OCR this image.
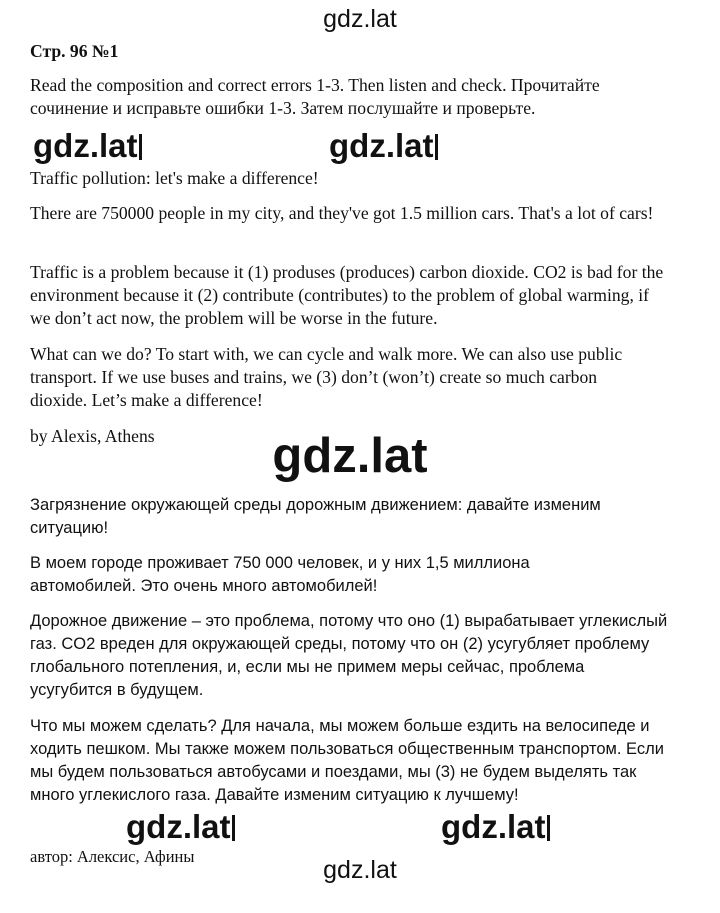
gdz.lat
Стр. 96 №1

Read the composition and correct errors 1-3. Then listen and check. Прочитайте сочинение и исправьте ошибки 1-3. Затем послушайте и проверьте.

gdz.lat	gdz.lat

Traffic pollution: let's make a difference!

There are 750000 people in my city, and they've got 1.5 million cars. That's a lot of cars!

Traffic is a problem because it (1) produses (produces) carbon dioxide. CO2 is bad for the environment because it (2) contribute (contributes) to the problem of global warming, if we don’t act now, the problem will be worse in the future.

What can we do? To start with, we can cycle and walk more. We can also use public transport. If we use buses and trains, we (3) don’t (won’t) create so much carbon dioxide. Let’s make a difference!

by Alexis, Athens	gdz.lat

Загрязнение окружающей среды дорожным движением: давайте изменим ситуацию!

В моем городе проживает 750 000 человек, и у них 1,5 миллиона автомобилей. Это очень много автомобилей!

Дорожное движение – это проблема, потому что оно (1) вырабатывает углекислый газ. CO2 вреден для окружающей среды, потому что он (2) усугубляет проблему глобального потепления, и, если мы не примем меры сейчас, проблема усугубится в будущем.

Что мы можем сделать? Для начала, мы можем больше ездить на велосипеде и ходить пешком. Мы также можем пользоваться общественным транспортом. Если мы будем пользоваться автобусами и поездами, мы (3) не будем выделять так много углекислого газа. Давайте изменим ситуацию к лучшему!

gdz.lat	gdz.lat

автор: Алексис, Афины	gdz.lat
